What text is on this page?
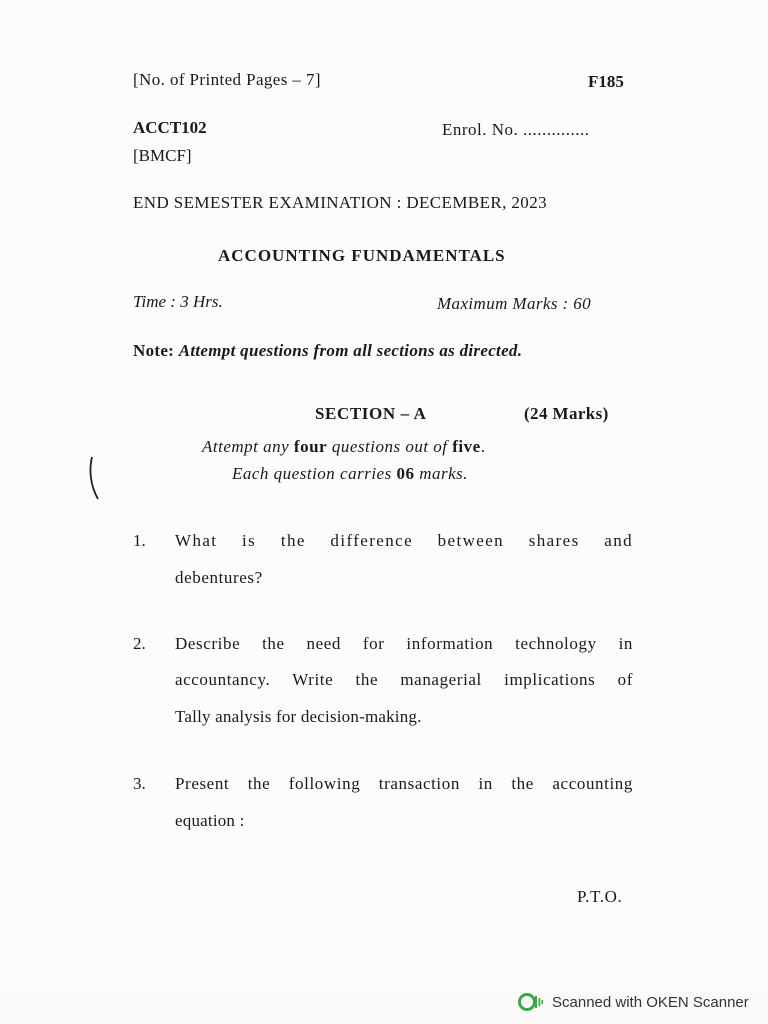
[No. of Printed Pages – 7]	F185
ACCT102	Enrol. No. ..............
[BMCF]
END SEMESTER EXAMINATION : DECEMBER, 2023
ACCOUNTING FUNDAMENTALS
Time : 3 Hrs.	Maximum Marks : 60
Note: Attempt questions from all sections as directed.
SECTION – A	(24 Marks)
Attempt any four questions out of five.
Each question carries 06 marks.
1. What is the difference between shares and
debentures?
2. Describe the need for information technology in
accountancy. Write the managerial implications of
Tally analysis for decision-making.
3. Present the following transaction in the accounting
equation :
P.T.O.
Scanned with OKEN Scanner
